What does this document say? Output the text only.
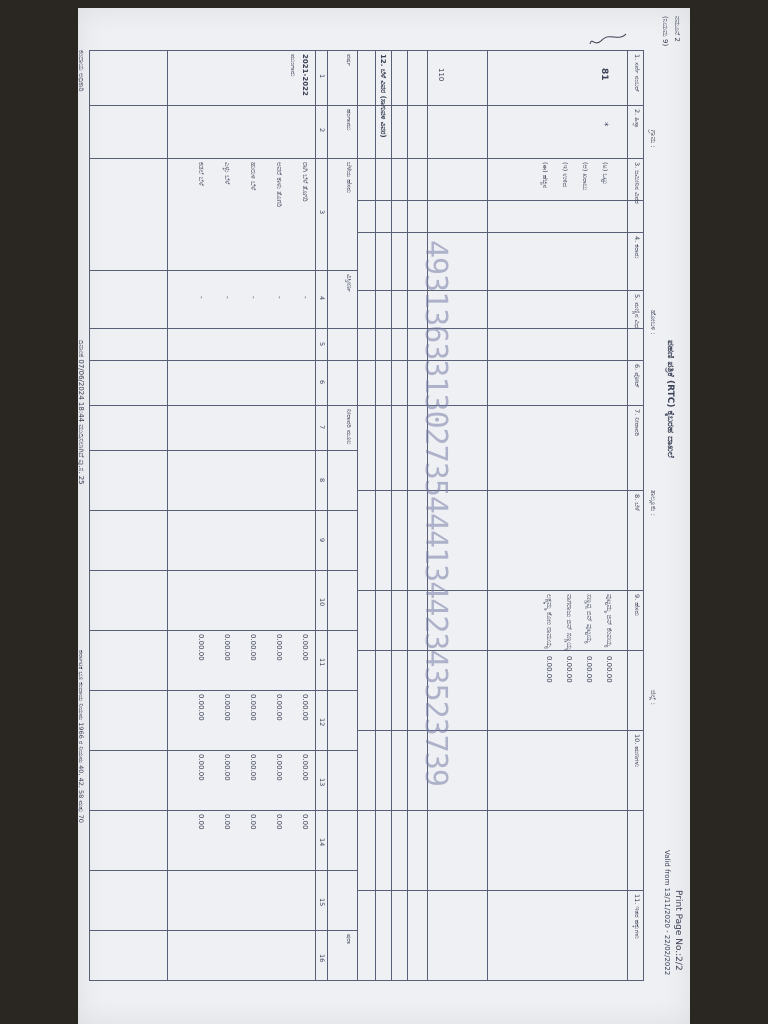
ನಮೂನೆ 2
(ನಿಯಮ 9)
ಪಹಣಿ ಪತ್ರಿಕೆ (RTC) ಕೈಬರಹ ದಾಖಲೆ
Print Page No.:2/2
Valid from 13/11/2020 - 22/02/2022
ಗ್ರಾಮ :
ಹೋಬಳಿ :
ತಾಲ್ಲೂಕು :
ಜಿಲ್ಲೆ :
1. ಸರ್ವೆ ನಂಬರ್
2. ಹಿಸ್ಸಾ
3. ಜಮೀನಿನ ವಿವರ
4. ಕರಾರು
5. ಮಣ್ಣಿನ ವಿಧ
6. ಪೋಟ್
7. ನೀರಾವರಿ
8. ಬೆಳೆ
9. ಹೆಸರು
10. ಋಣಗಳು
11. ಇತರ ಹಕ್ಕುಗಳು
81
*
110
(ಅ) ಒಟ್ಟು
(ಆ) ಖರಾಬು
(ಇ) ಉಳಿದ
(ಈ) ಹೆಚ್ಚಿನ
ಪುಟ್ಟಮ್ಮ ಬಿನ್ ಕೆಂಪಯ್ಯ
ಸಣ್ಣಪ್ಪ ಬಿನ್ ಪುಟ್ಟಯ್ಯ
ನಾಗರಾಜು ಬಿನ್ ಸಣ್ಣಯ್ಯ
ಲಕ್ಷ್ಮಮ್ಮ ಕೋಂ ರಾಮಯ್ಯ
0.00.00
0.00.00
0.00.00
0.00.00
12. ಬೆಳೆ ವಿವರ (ಸಾಗುವಳಿ ವಿವರ)
ವರ್ಷ
ಹಂಗಾಮು
ಬೆಳೆಯ ಹೆಸರು
ವಿಸ್ತೀರ್ಣ
ನೀರಾವರಿ ಮೂಲ
ಷರಾ
1
2
3
4
5
6
7
8
9
10
11
12
13
14
15
16
2021-2022
ಮುಂಗಾರು
ರಾಗಿ ಬೆಳೆ ತೊಗರಿ
ಅವರೆ ಕಾಳು ತೊಗರಿ
ಹುರುಳಿ ಬೆಳೆ
ಎಳ್ಳು ಬೆಳೆ
ಕಡಲೆ ಬೆಳೆ
-
-
-
-
-
0.00.00
0.00.00
0.00.00
0.00
0.00.00
0.00.00
0.00.00
0.00
0.00.00
0.00.00
0.00.00
0.00
0.00.00
0.00.00
0.00.00
0.00
0.00.00
0.00.00
0.00.00
0.00
49313633130273544413442343523739
ಕಂದಾಯ ಅಧಿಕಾರಿ
ದಿನಾಂಕ 07/06/2024 18:44 ಮುದ್ರಿಸಲಾಗಿದೆ ಪು.ಸ. 25
ಕರ್ನಾಟಕ ಭೂ ಕಂದಾಯ ನಿಯಮ 1966 ರ ನಿಯಮ 40, 42, 58 ಮತ್ತು 70
